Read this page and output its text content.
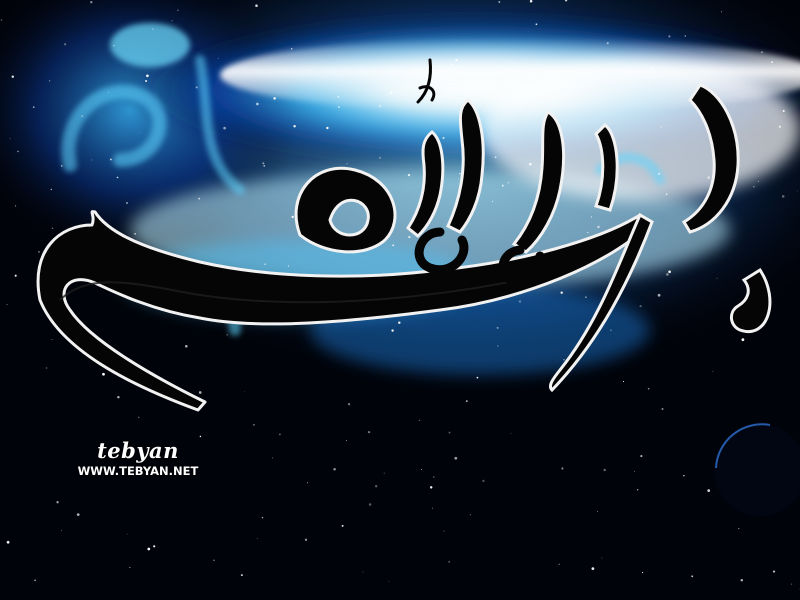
tebyan
WWW.TEBYAN.NET
